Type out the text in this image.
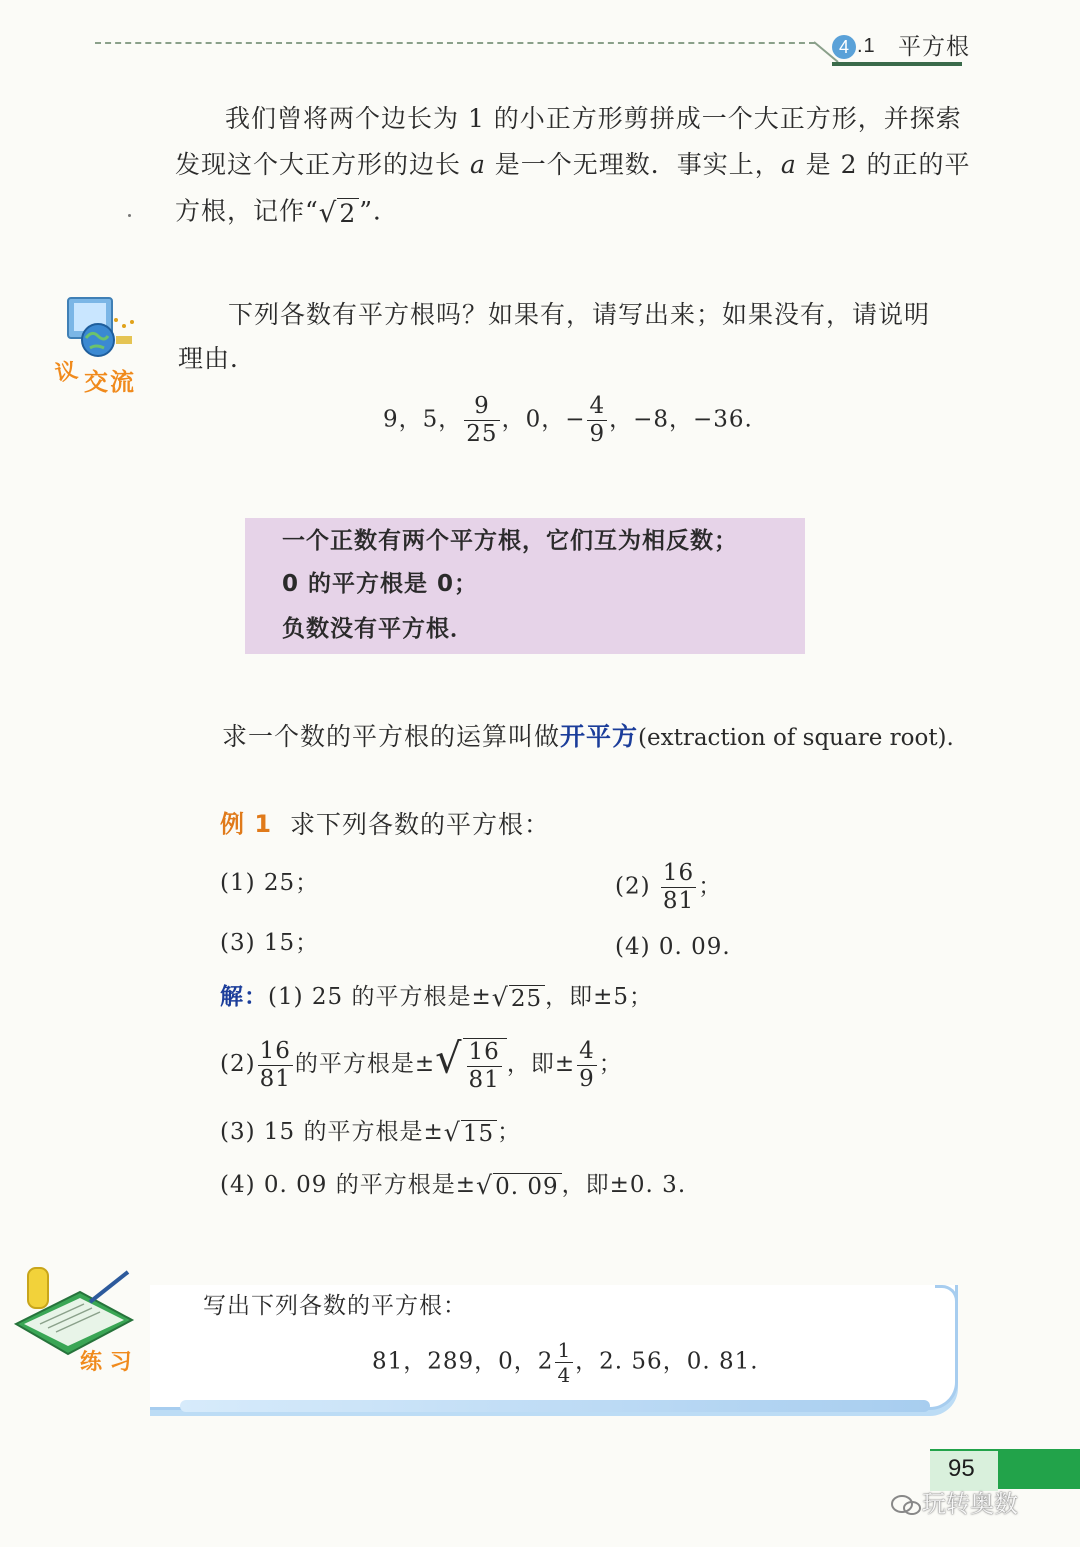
4 .1 平方根
我们曾将两个边长为 1 的小正方形剪拼成一个大正方形，并探索
发现这个大正方形的边长 a 是一个无理数．事实上，a 是 2 的正的平
方根，记作“√2 ”．
议 交流
下列各数有平方根吗？如果有，请写出来；如果没有，请说明
理由．
9，5， $\frac{9}{25}$ ，0，− $\frac{4}{9}$ ，−8，−36.
一个正数有两个平方根，它们互为相反数；
0 的平方根是 0；
负数没有平方根．
求一个数的平方根的运算叫做开平方(extraction of square root).
例 1 求下列各数的平方根：
(1) 25；	$(2) \frac{16}{81}$ ；
(3) 15；	(4) 0. 09.
解：(1) 25 的平方根是±√25 ，即±5；
$(2) \frac{16}{81}$ 的平方根是±√ $\frac{16}{81}$ ，即± $\frac{4}{9}$ ；
(3) 15 的平方根是±√15 ；
(4) 0. 09 的平方根是±√0. 09 ，即±0. 3.
练 习
写出下列各数的平方根：
81，289，0，$2 \frac{1}{4}$ ，2. 56，0. 81.
95
玩转奥数
